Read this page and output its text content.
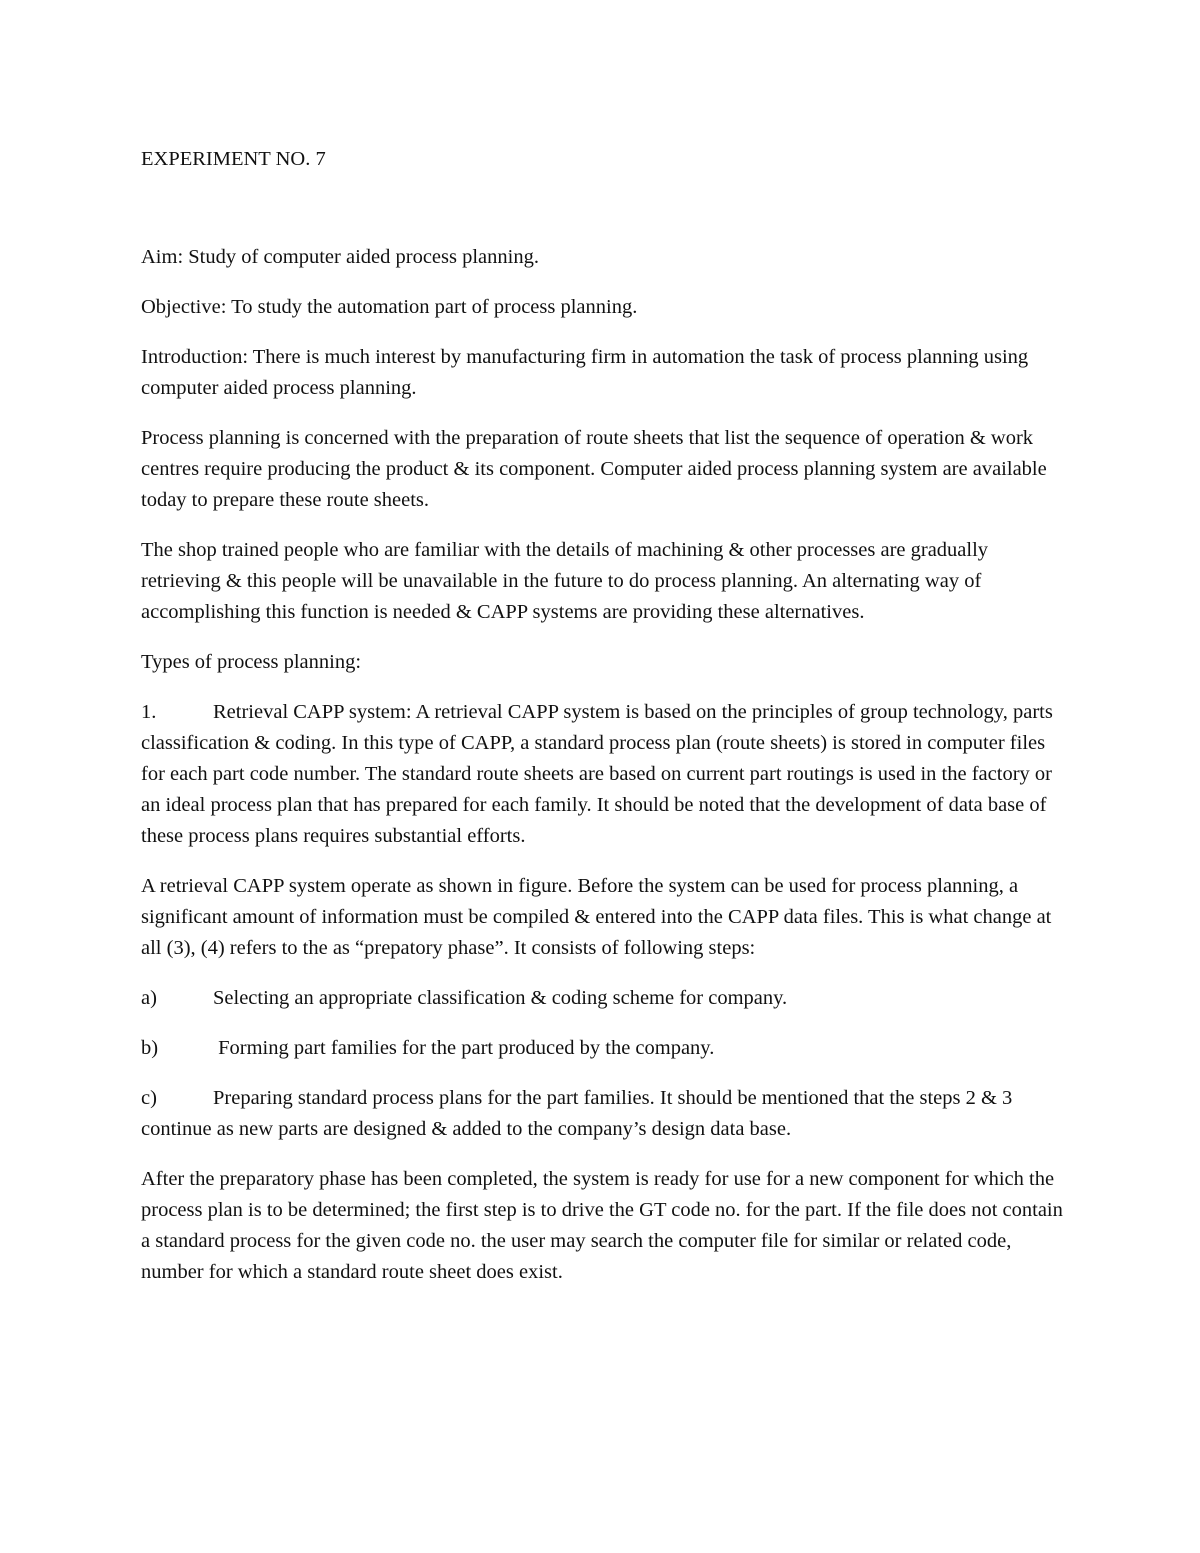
EXPERIMENT NO. 7

Aim: Study of computer aided process planning.

Objective: To study the automation part of process planning.

Introduction: There is much interest by manufacturing firm in automation the task of process planning using computer aided process planning.

Process planning is concerned with the preparation of route sheets that list the sequence of operation & work centres require producing the product & its component. Computer aided process planning system are available today to prepare these route sheets.

The shop trained people who are familiar with the details of machining & other processes are gradually retrieving & this people will be unavailable in the future to do process planning. An alternating way of accomplishing this function is needed & CAPP systems are providing these alternatives.

Types of process planning:

1.	Retrieval CAPP system: A retrieval CAPP system is based on the principles of group technology, parts classification & coding. In this type of CAPP, a standard process plan (route sheets) is stored in computer files for each part code number. The standard route sheets are based on current part routings is used in the factory or an ideal process plan that has prepared for each family. It should be noted that the development of data base of these process plans requires substantial efforts.

A retrieval CAPP system operate as shown in figure. Before the system can be used for process planning, a significant amount of information must be compiled & entered into the CAPP data files. This is what change at all (3), (4) refers to the as “prepatory phase”. It consists of following steps:

a)	Selecting an appropriate classification & coding scheme for company.

b)	Forming part families for the part produced by the company.

c)	Preparing standard process plans for the part families. It should be mentioned that the steps 2 & 3 continue as new parts are designed & added to the company’s design data base.

After the preparatory phase has been completed, the system is ready for use for a new component for which the process plan is to be determined; the first step is to drive the GT code no. for the part. If the file does not contain a standard process for the given code no. the user may search the computer file for similar or related code, number for which a standard route sheet does exist.
